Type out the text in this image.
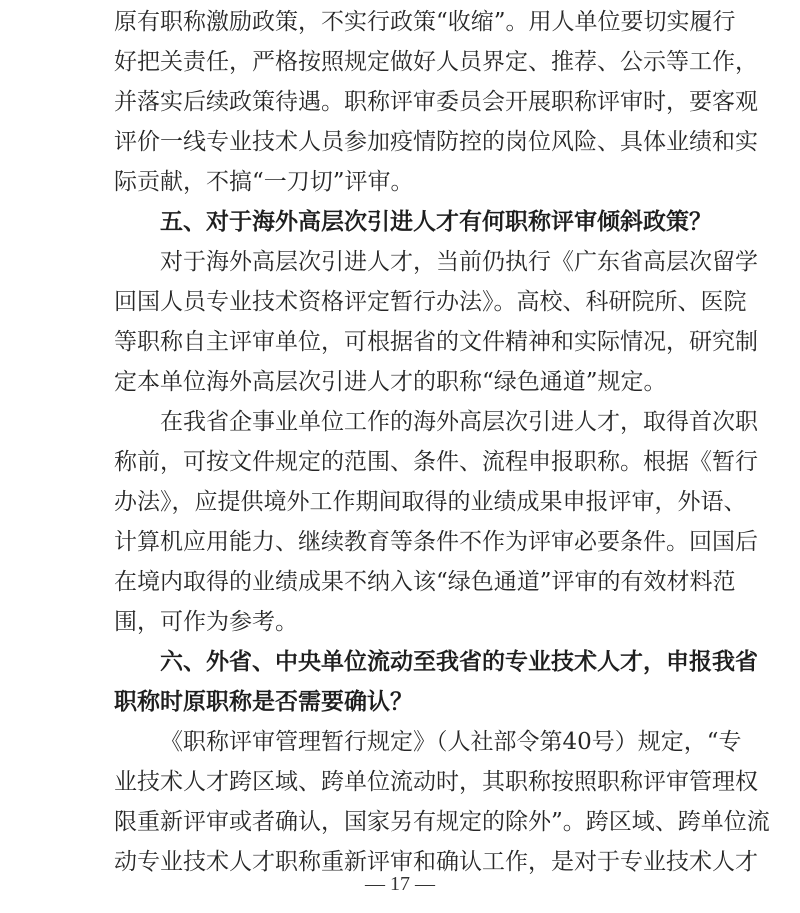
原有职称激励政策，不实行政策“收缩”。用人单位要切实履行
好把关责任，严格按照规定做好人员界定、推荐、公示等工作，
并落实后续政策待遇。职称评审委员会开展职称评审时，要客观
评价一线专业技术人员参加疫情防控的岗位风险、具体业绩和实
际贡献，不搞“一刀切”评审。
五、对于海外高层次引进人才有何职称评审倾斜政策？
对于海外高层次引进人才，当前仍执行《广东省高层次留学
回国人员专业技术资格评定暂行办法》。高校、科研院所、医院
等职称自主评审单位，可根据省的文件精神和实际情况，研究制
定本单位海外高层次引进人才的职称“绿色通道”规定。
在我省企事业单位工作的海外高层次引进人才，取得首次职
称前，可按文件规定的范围、条件、流程申报职称。根据《暂行
办法》，应提供境外工作期间取得的业绩成果申报评审，外语、
计算机应用能力、继续教育等条件不作为评审必要条件。回国后
在境内取得的业绩成果不纳入该“绿色通道”评审的有效材料范
围，可作为参考。
六、外省、中央单位流动至我省的专业技术人才，申报我省
职称时原职称是否需要确认？
《职称评审管理暂行规定》（人社部令第40号）规定，“专
业技术人才跨区域、跨单位流动时，其职称按照职称评审管理权
限重新评审或者确认，国家另有规定的除外”。跨区域、跨单位流
动专业技术人才职称重新评审和确认工作，是对于专业技术人才
— 17 —
